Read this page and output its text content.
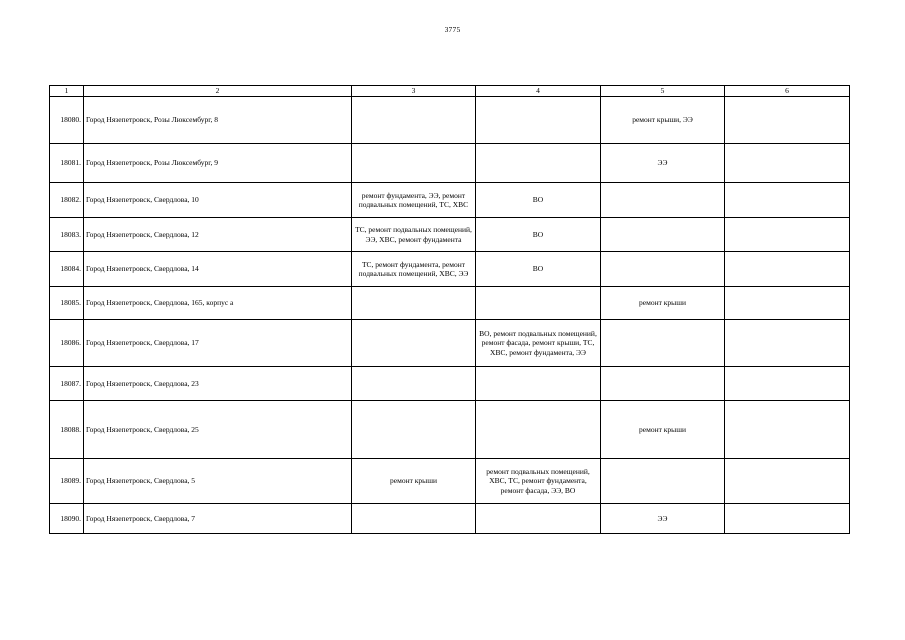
3775
1	2	3	4	5	6
18080.	Город Нязепетровск, Розы Люксембург, 8			ремонт крыши, ЭЭ	
18081.	Город Нязепетровск, Розы Люксембург, 9			ЭЭ	
18082.	Город Нязепетровск, Свердлова, 10	ремонт фундамента, ЭЭ, ремонт подвальных помещений, ТС, ХВС	ВО		
18083.	Город Нязепетровск, Свердлова, 12	ТС, ремонт подвальных помещений, ЭЭ, ХВС, ремонт фундамента	ВО		
18084.	Город Нязепетровск, Свердлова, 14	ТС, ремонт фундамента, ремонт подвальных помещений, ХВС, ЭЭ	ВО		
18085.	Город Нязепетровск, Свердлова, 165, корпус а			ремонт крыши	
18086.	Город Нязепетровск, Свердлова, 17		ВО, ремонт подвальных помещений, ремонт фасада, ремонт крыши, ТС, ХВС, ремонт фундамента, ЭЭ		
18087.	Город Нязепетровск, Свердлова, 23				
18088.	Город Нязепетровск, Свердлова, 25			ремонт крыши	
18089.	Город Нязепетровск, Свердлова, 5	ремонт крыши	ремонт подвальных помещений, ХВС, ТС, ремонт фундамента, ремонт фасада, ЭЭ, ВО		
18090.	Город Нязепетровск, Свердлова, 7			ЭЭ	
